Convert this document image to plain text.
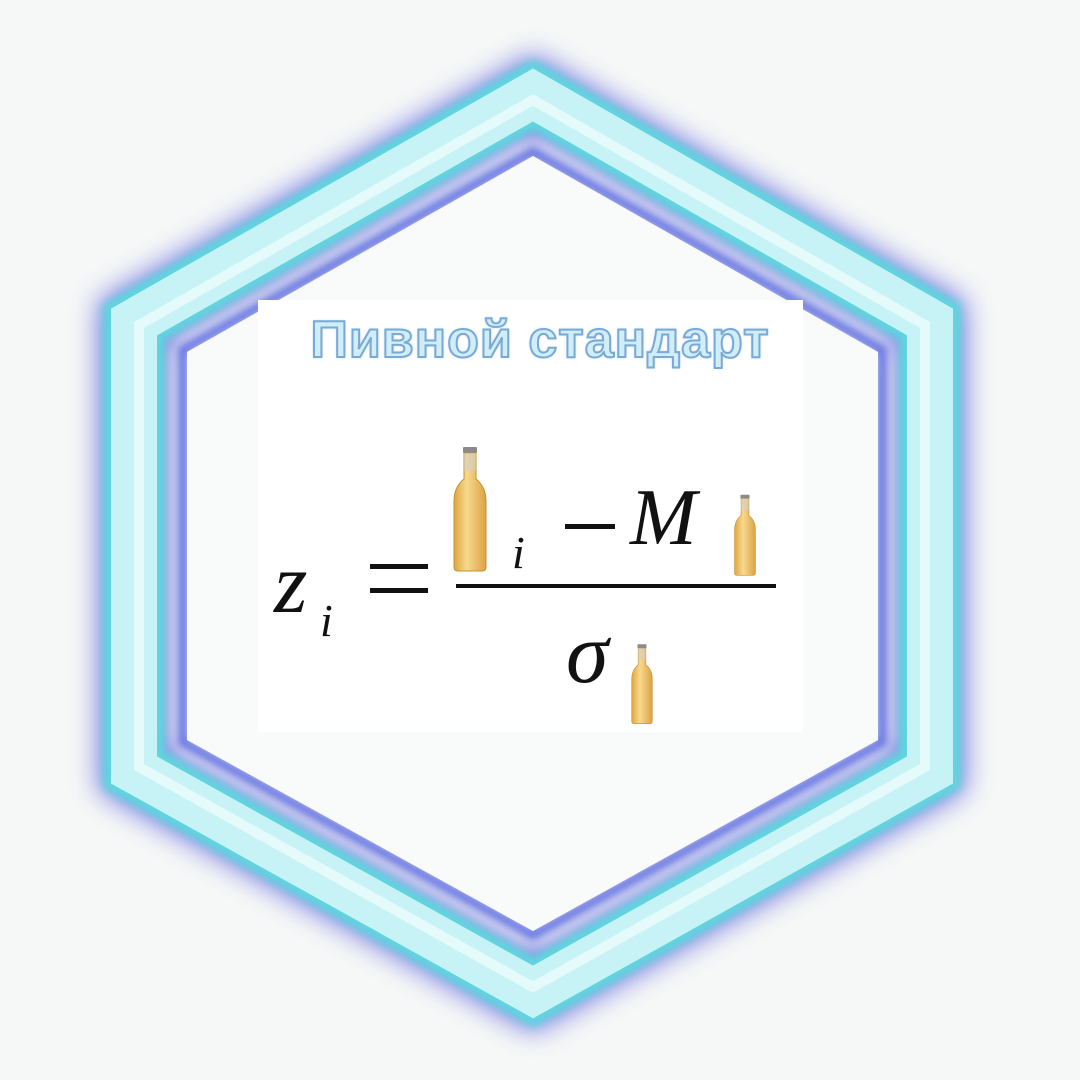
Пивной стандарт
z i
i M
σ
